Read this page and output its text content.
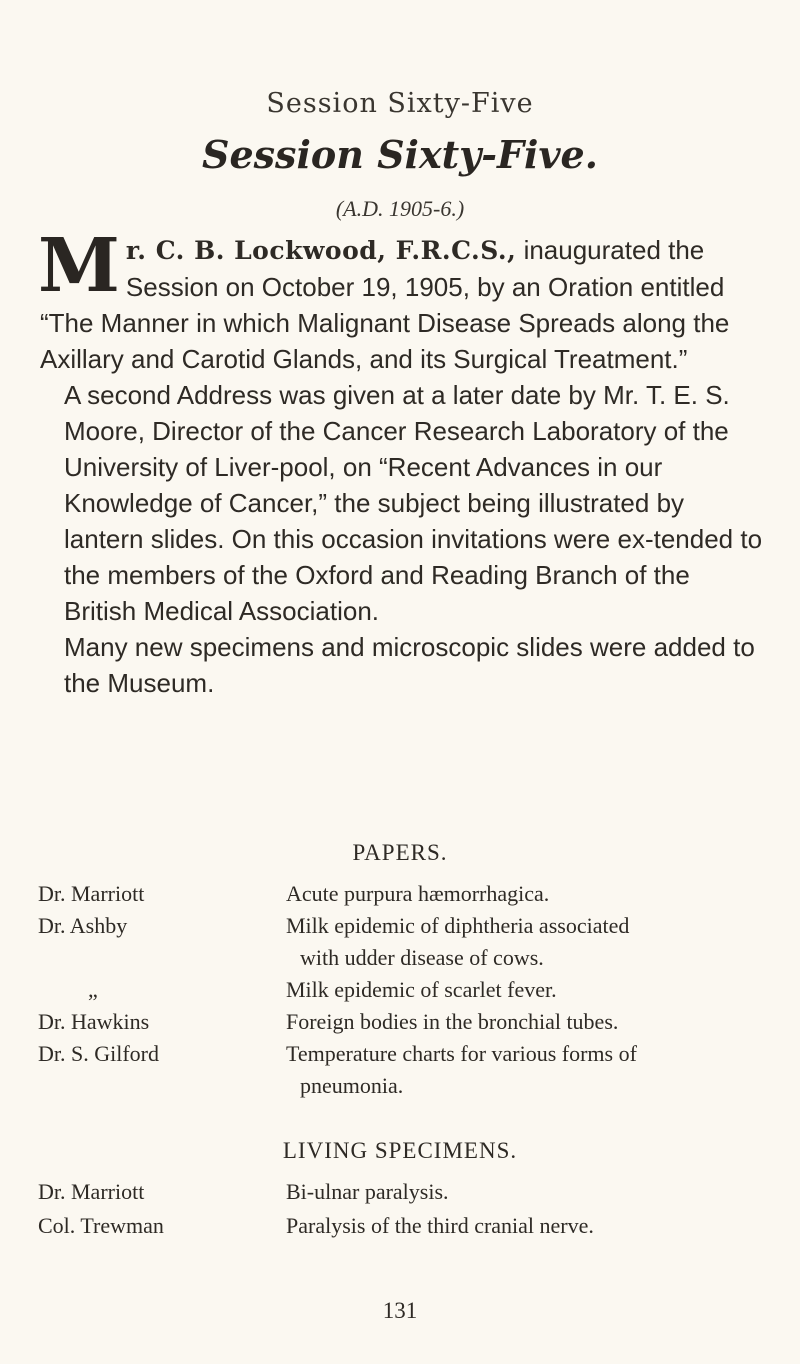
Session Sixty-Five
Session Sixty-Five.
(A.D. 1905-6.)

Mr. C. B. Lockwood, F.R.C.S., inaugurated the Session on October 19, 1905, by an Oration entitled “The Manner in which Malignant Disease Spreads along the Axillary and Carotid Glands, and its Surgical Treatment.”

A second Address was given at a later date by Mr. T. E. S. Moore, Director of the Cancer Research Laboratory of the University of Liver-pool, on “Recent Advances in our Knowledge of Cancer,” the subject being illustrated by lantern slides. On this occasion invitations were ex-tended to the members of the Oxford and Reading Branch of the British Medical Association.

Many new specimens and microscopic slides were added to the Museum.

PAPERS.
Dr. Marriott	Acute purpura hæmorrhagica.
Dr. Ashby	Milk epidemic of diphtheria associated
with udder disease of cows.
„	Milk epidemic of scarlet fever.
Dr. Hawkins	Foreign bodies in the bronchial tubes.
Dr. S. Gilford	Temperature charts for various forms of
pneumonia.
LIVING SPECIMENS.
Dr. Marriott	Bi-ulnar paralysis.
Col. Trewman	Paralysis of the third cranial nerve.
131
